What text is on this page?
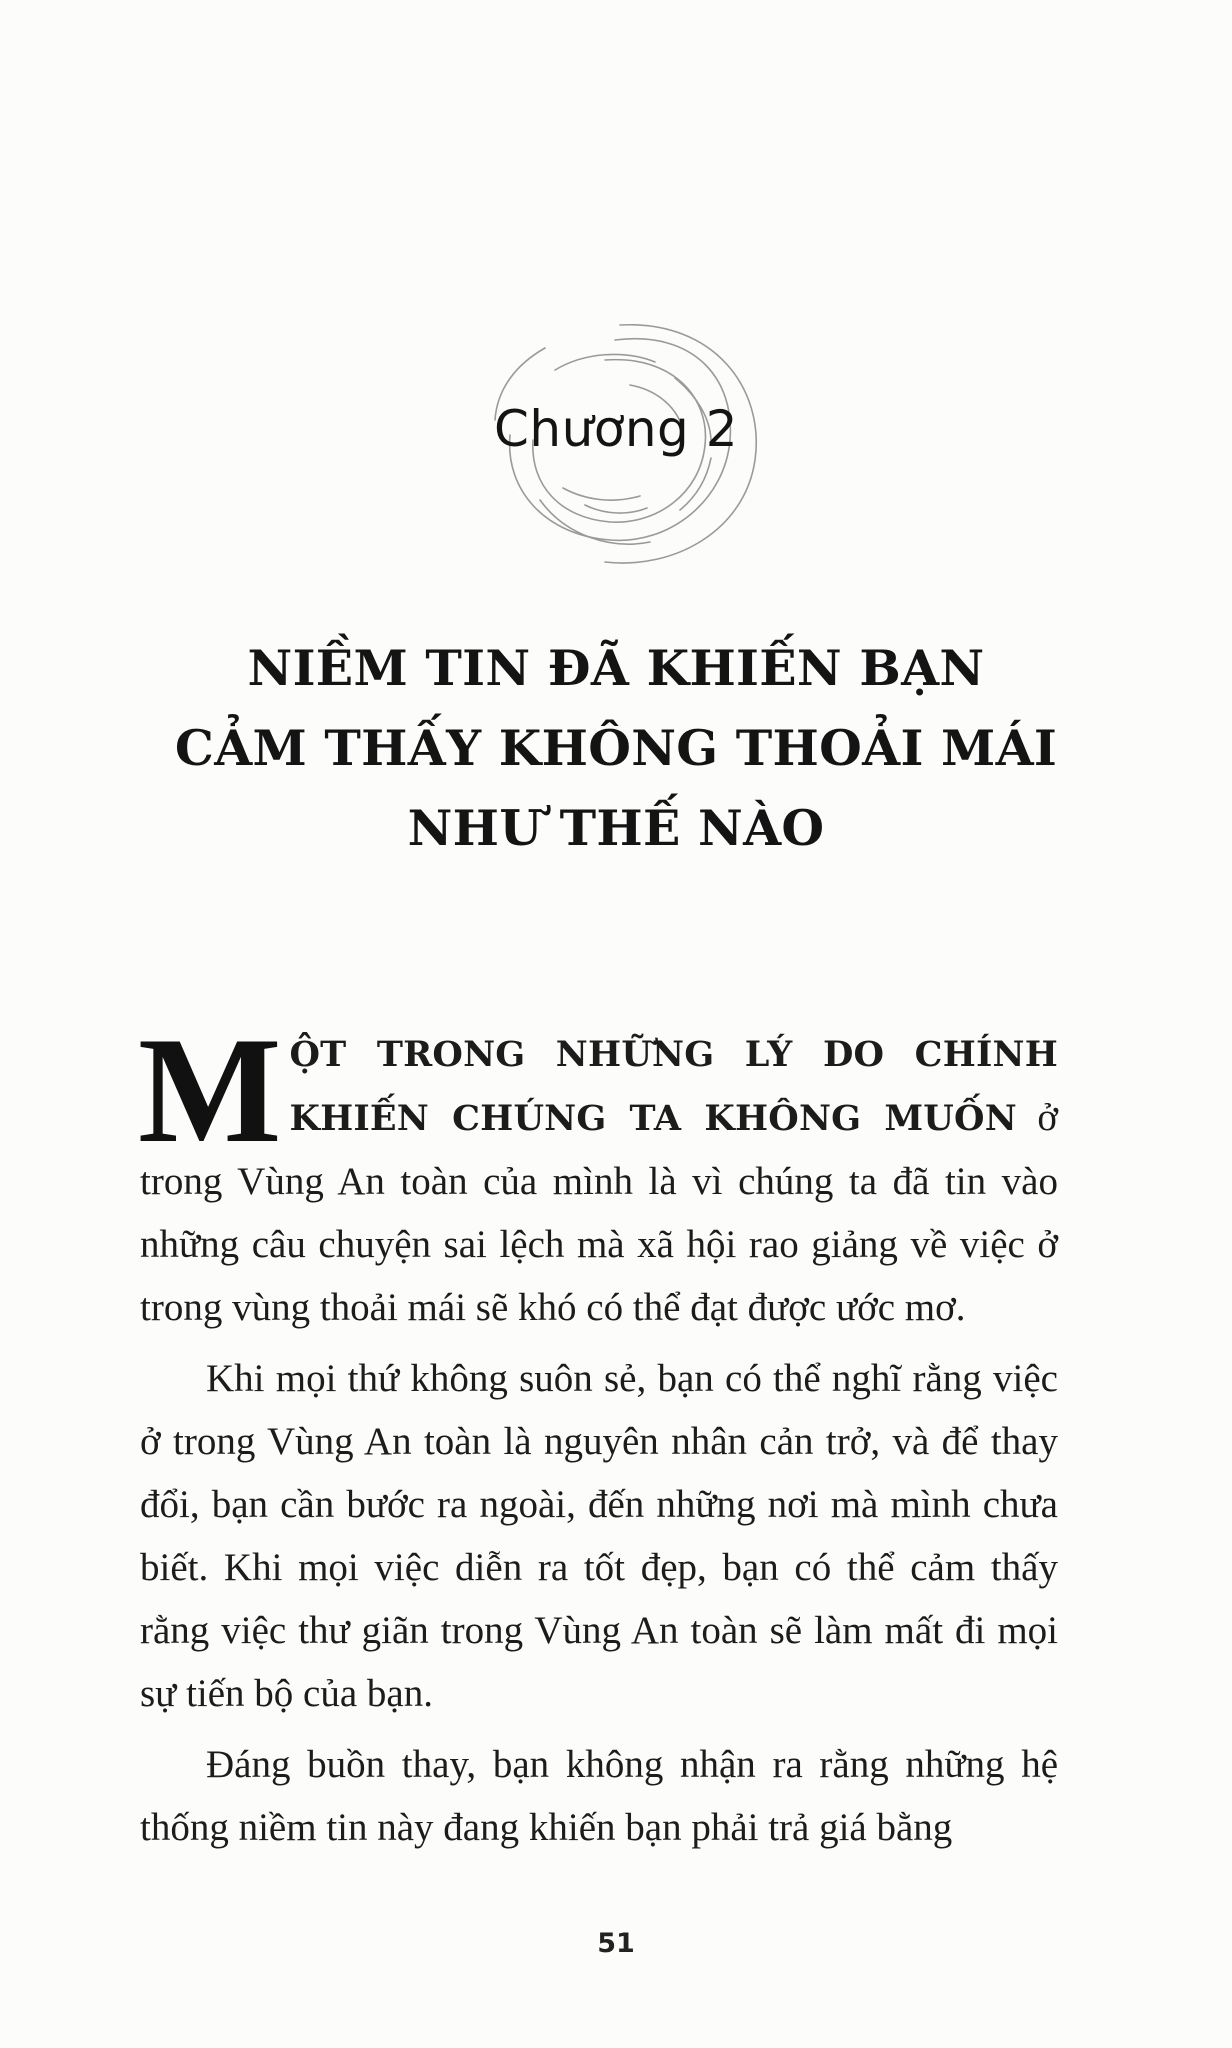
Chương 2
NIỀM TIN ĐÃ KHIẾN BẠN
CẢM THẤY KHÔNG THOẢI MÁI
NHƯ THẾ NÀO

MỘT TRONG NHỮNG LÝ DO CHÍNH KHIẾN CHÚNG TA KHÔNG MUỐN ở trong Vùng An toàn của mình là vì chúng ta đã tin vào những câu chuyện sai lệch mà xã hội rao giảng về việc ở trong vùng thoải mái sẽ khó có thể đạt được ước mơ.

Khi mọi thứ không suôn sẻ, bạn có thể nghĩ rằng việc ở trong Vùng An toàn là nguyên nhân cản trở, và để thay đổi, bạn cần bước ra ngoài, đến những nơi mà mình chưa biết. Khi mọi việc diễn ra tốt đẹp, bạn có thể cảm thấy rằng việc thư giãn trong Vùng An toàn sẽ làm mất đi mọi sự tiến bộ của bạn.

Đáng buồn thay, bạn không nhận ra rằng những hệ thống niềm tin này đang khiến bạn phải trả giá bằng

51
